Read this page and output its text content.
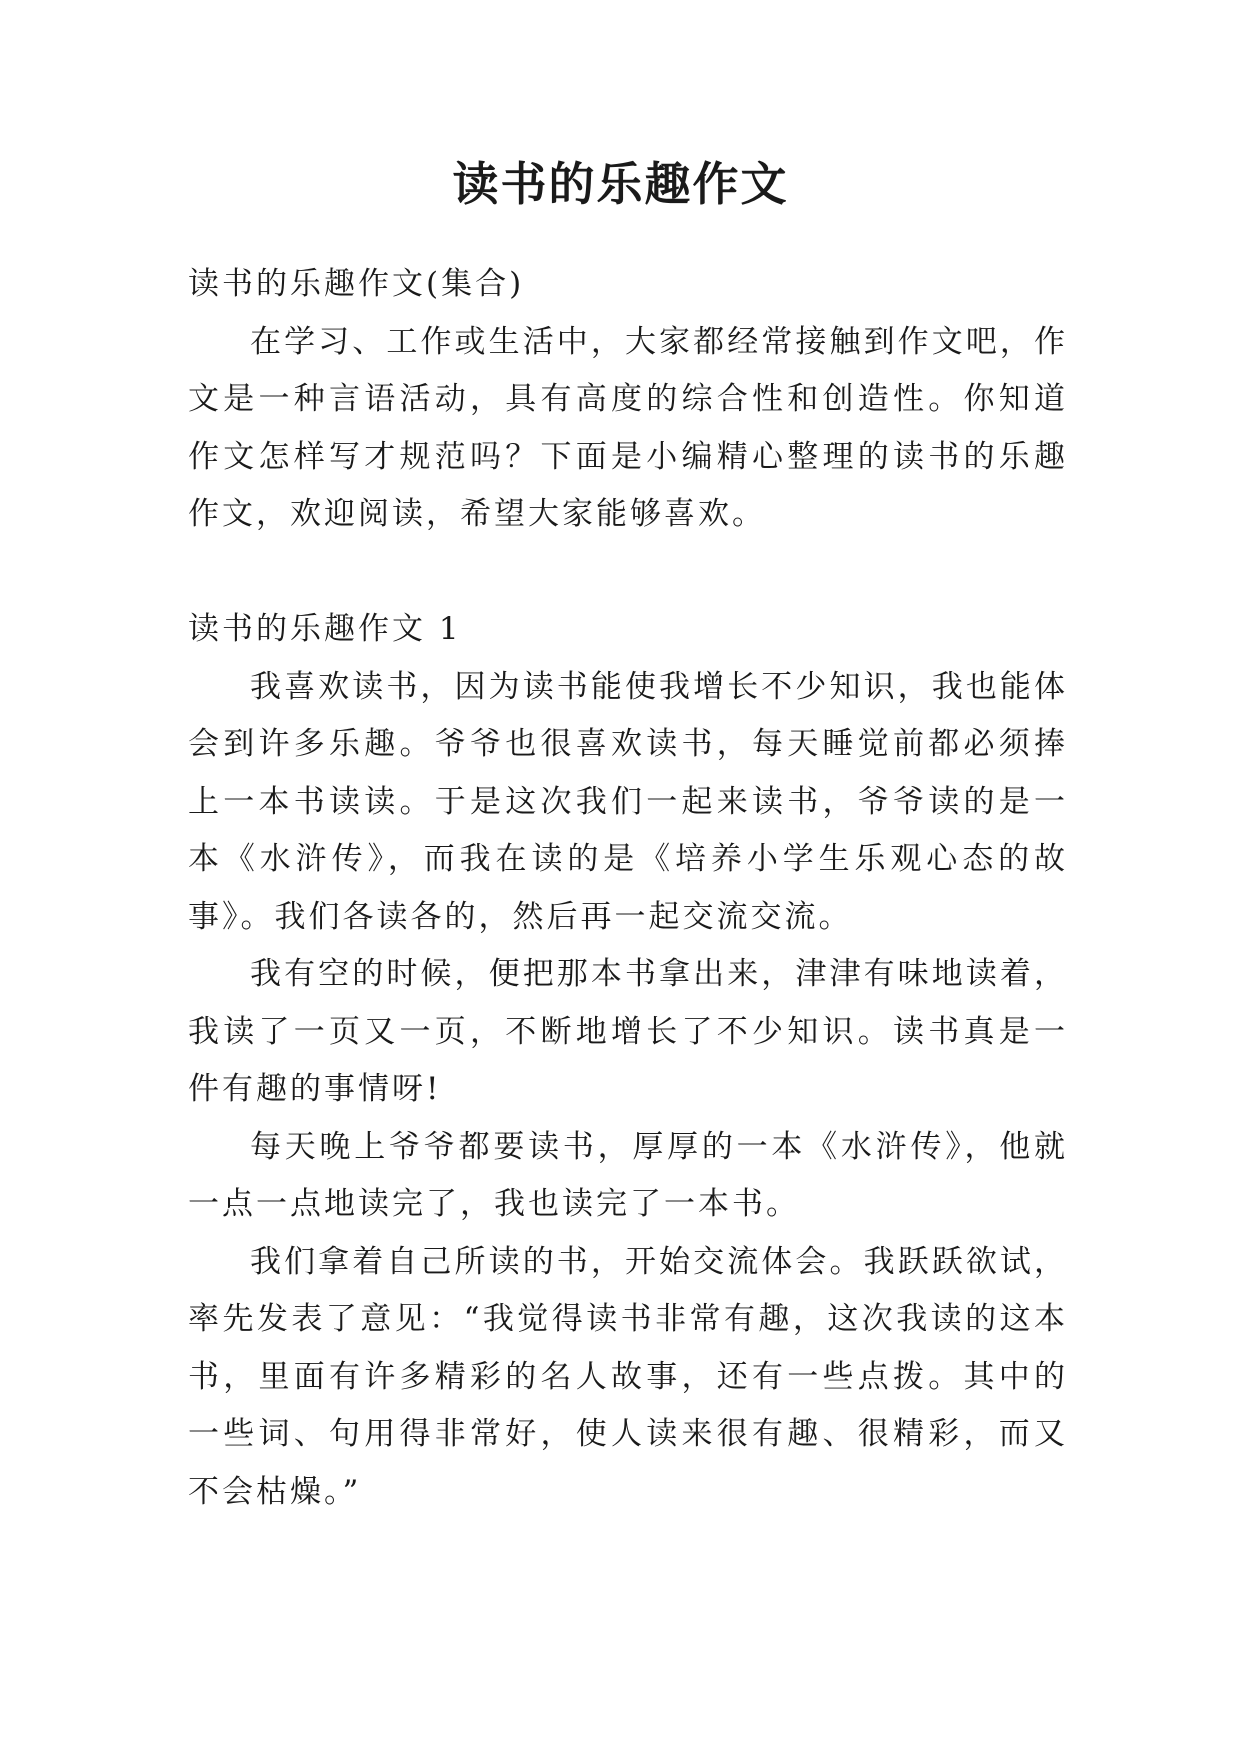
读书的乐趣作文

读书的乐趣作文(集合)

在学习、工作或生活中，大家都经常接触到作文吧，作文是一种言语活动，具有高度的综合性和创造性。你知道作文怎样写才规范吗？下面是小编精心整理的读书的乐趣作文，欢迎阅读，希望大家能够喜欢。

读书的乐趣作文 1

我喜欢读书，因为读书能使我增长不少知识，我也能体会到许多乐趣。爷爷也很喜欢读书，每天睡觉前都必须捧上一本书读读。于是这次我们一起来读书，爷爷读的是一本《水浒传》，而我在读的是《培养小学生乐观心态的故事》。我们各读各的，然后再一起交流交流。

我有空的时候，便把那本书拿出来，津津有味地读着，我读了一页又一页，不断地增长了不少知识。读书真是一件有趣的事情呀!

每天晚上爷爷都要读书，厚厚的一本《水浒传》，他就一点一点地读完了，我也读完了一本书。

我们拿着自己所读的书，开始交流体会。我跃跃欲试，率先发表了意见：“我觉得读书非常有趣，这次我读的这本书，里面有许多精彩的名人故事，还有一些点拨。其中的一些词、句用得非常好，使人读来很有趣、很精彩，而又不会枯燥。”
